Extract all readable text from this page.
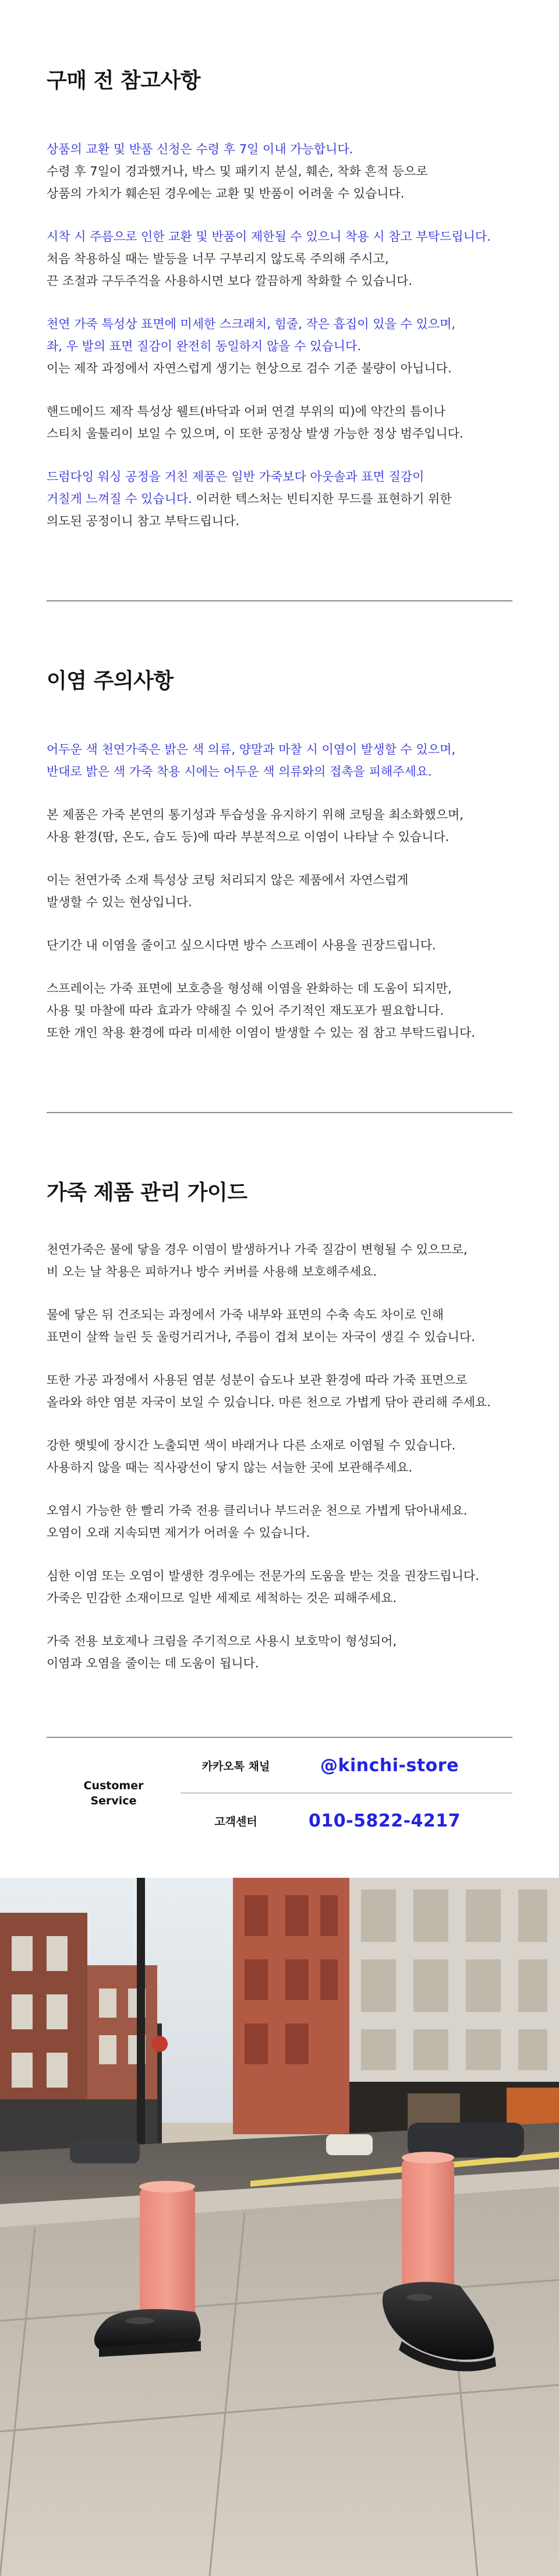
구매 전 참고사항

상품의 교환 및 반품 신청은 수령 후 7일 이내 가능합니다.
수령 후 7일이 경과했거나, 박스 및 패키지 분실, 훼손, 착화 흔적 등으로
상품의 가치가 훼손된 경우에는 교환 및 반품이 어려울 수 있습니다.

시착 시 주름으로 인한 교환 및 반품이 제한될 수 있으니 착용 시 참고 부탁드립니다.
처음 착용하실 때는 발등을 너무 구부리지 않도록 주의해 주시고,
끈 조절과 구두주걱을 사용하시면 보다 깔끔하게 착화할 수 있습니다.

천연 가죽 특성상 표면에 미세한 스크래치, 힘줄, 작은 흡집이 있을 수 있으며,
좌, 우 발의 표면 질감이 완전히 동일하지 않을 수 있습니다.
이는 제작 과정에서 자연스럽게 생기는 현상으로 검수 기준 불량이 아닙니다.

핸드메이드 제작 특성상 웰트(바닥과 어퍼 연결 부위의 띠)에 약간의 틈이나
스티치 울툴리이 보일 수 있으며, 이 또한 공정상 발생 가능한 정상 범주입니다.

드럼다잉 워싱 공정을 거친 제품은 일반 가죽보다 아웃솔과 표면 질감이
거칠게 느껴질 수 있습니다. 이러한 텍스처는 빈티지한 무드를 표현하기 위한
의도된 공정이니 참고 부탁드립니다.

이염 주의사항

어두운 색 천연가죽은 밝은 색 의류, 양말과 마찰 시 이염이 발생할 수 있으며,
반대로 밝은 색 가죽 착용 시에는 어두운 색 의류와의 접촉을 피해주세요.

본 제품은 가죽 본연의 통기성과 투습성을 유지하기 위해 코팅을 최소화했으며,
사용 환경(땀, 온도, 습도 등)에 따라 부분적으로 이염이 나타날 수 있습니다.

이는 천연가죽 소재 특성상 코팅 처리되지 않은 제품에서 자연스럽게
발생할 수 있는 현상입니다.

단기간 내 이염을 줄이고 싶으시다면 방수 스프레이 사용을 권장드립니다.

스프레이는 가죽 표면에 보호층을 형성해 이염을 완화하는 데 도움이 되지만,
사용 및 마찰에 따라 효과가 약해질 수 있어 주기적인 재도포가 필요합니다.
또한 개인 착용 환경에 따라 미세한 이염이 발생할 수 있는 점 참고 부탁드립니다.

가죽 제품 관리 가이드

천연가죽은 물에 닿을 경우 이염이 발생하거나 가죽 질감이 변형될 수 있으므로,
비 오는 날 착용은 피하거나 방수 커버를 사용해 보호해주세요.

물에 닿은 뒤 건조되는 과정에서 가죽 내부와 표면의 수축 속도 차이로 인해
표면이 살짝 늘린 듯 울렁거리거나, 주름이 겹쳐 보이는 자국이 생길 수 있습니다.

또한 가공 과정에서 사용된 염분 성분이 습도나 보관 환경에 따라 가죽 표면으로
올라와 하얀 염분 자국이 보일 수 있습니다. 마른 천으로 가볍게 닦아 관리해 주세요.

강한 햇빛에 장시간 노출되면 색이 바래거나 다른 소재로 이염될 수 있습니다.
사용하지 않을 때는 직사광선이 닿지 않는 서늘한 곳에 보관해주세요.

오염시 가능한 한 빨리 가죽 전용 클리너나 부드러운 천으로 가볍게 닦아내세요.
오염이 오래 지속되면 제거가 어려울 수 있습니다.

심한 이염 또는 오염이 발생한 경우에는 전문가의 도움을 받는 것을 권장드립니다.
가죽은 민감한 소재이므로 일반 세제로 세척하는 것은 피해주세요.

가죽 전용 보호제나 크림을 주기적으로 사용시 보호막이 형성되어,
이염과 오염을 줄이는 데 도움이 됩니다.

Customer
Service
카카오톡 채널	@kinchi-store
고객센터	010-5822-4217
